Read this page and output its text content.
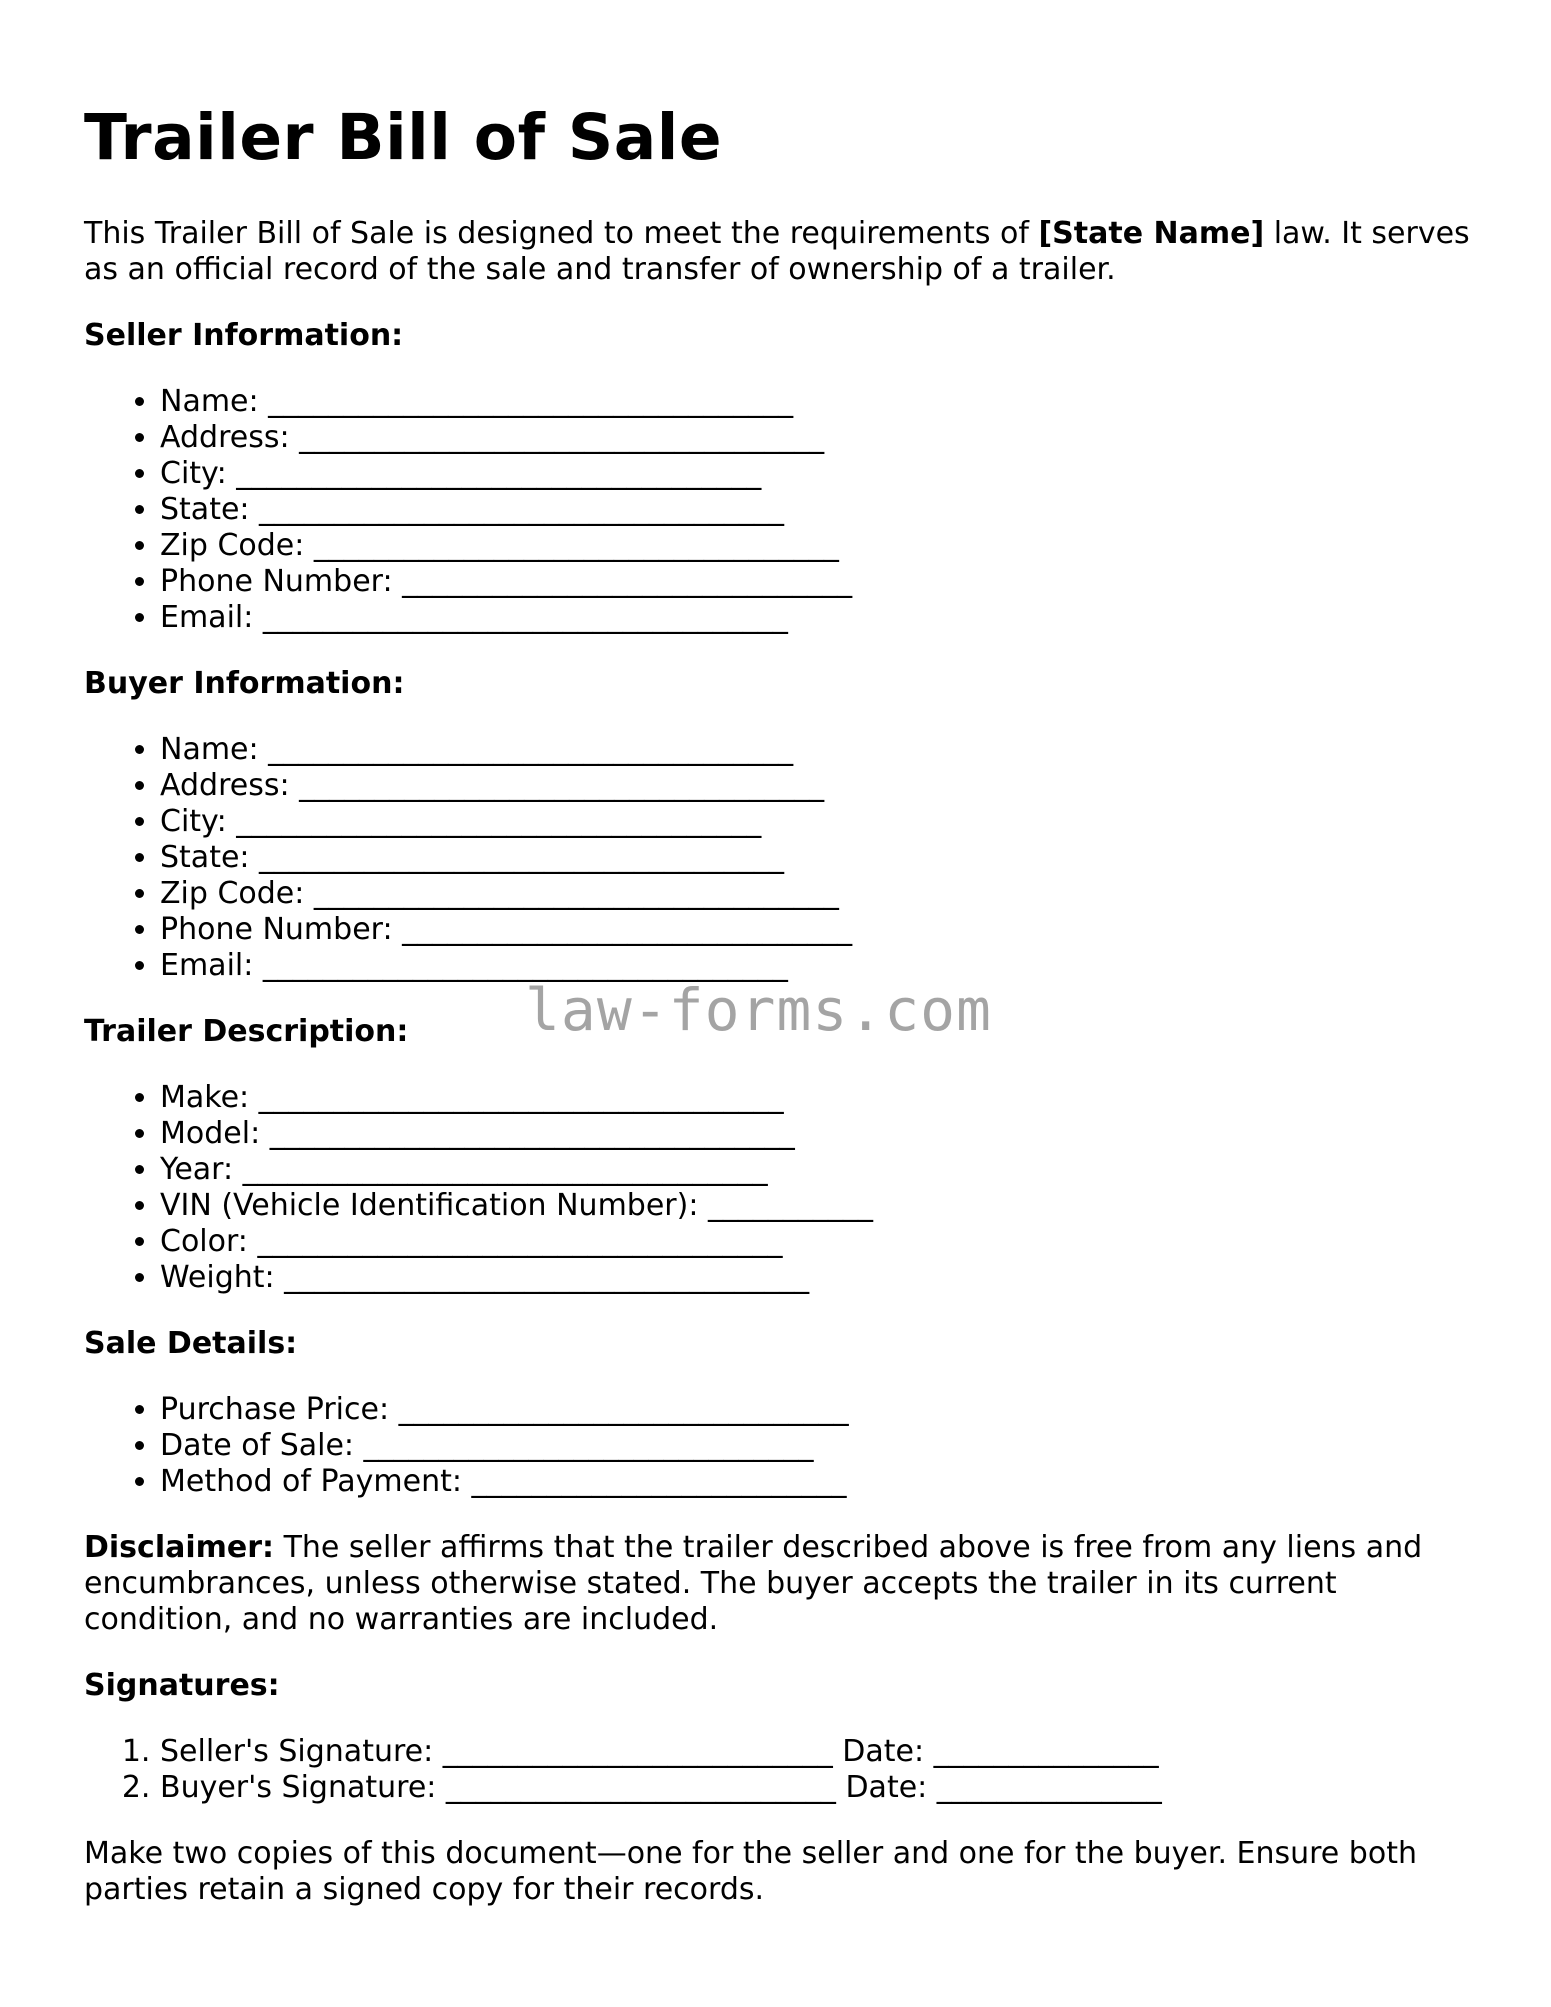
Trailer Bill of Sale

This Trailer Bill of Sale is designed to meet the requirements of [State Name] law. It serves as an official record of the sale and transfer of ownership of a trailer.

Seller Information:

• Name: ___________________________________
• Address: ___________________________________
• City: ___________________________________
• State: ___________________________________
• Zip Code: ___________________________________
• Phone Number: ______________________________
• Email: ___________________________________

Buyer Information:

• Name: ___________________________________
• Address: ___________________________________
• City: ___________________________________
• State: ___________________________________
• Zip Code: ___________________________________
• Phone Number: ______________________________
• Email: ___________________________________

Trailer Description:

• Make: ___________________________________
• Model: ___________________________________
• Year: ___________________________________
• VIN (Vehicle Identification Number): ___________
• Color: ___________________________________
• Weight: ___________________________________

Sale Details:

• Purchase Price: ______________________________
• Date of Sale: ______________________________
• Method of Payment: _________________________

Disclaimer: The seller affirms that the trailer described above is free from any liens and encumbrances, unless otherwise stated. The buyer accepts the trailer in its current condition, and no warranties are included.

Signatures:

1. Seller's Signature: __________________________ Date: _______________
2. Buyer's Signature: __________________________ Date: _______________

Make two copies of this document—one for the seller and one for the buyer. Ensure both parties retain a signed copy for their records.

law-forms.com
